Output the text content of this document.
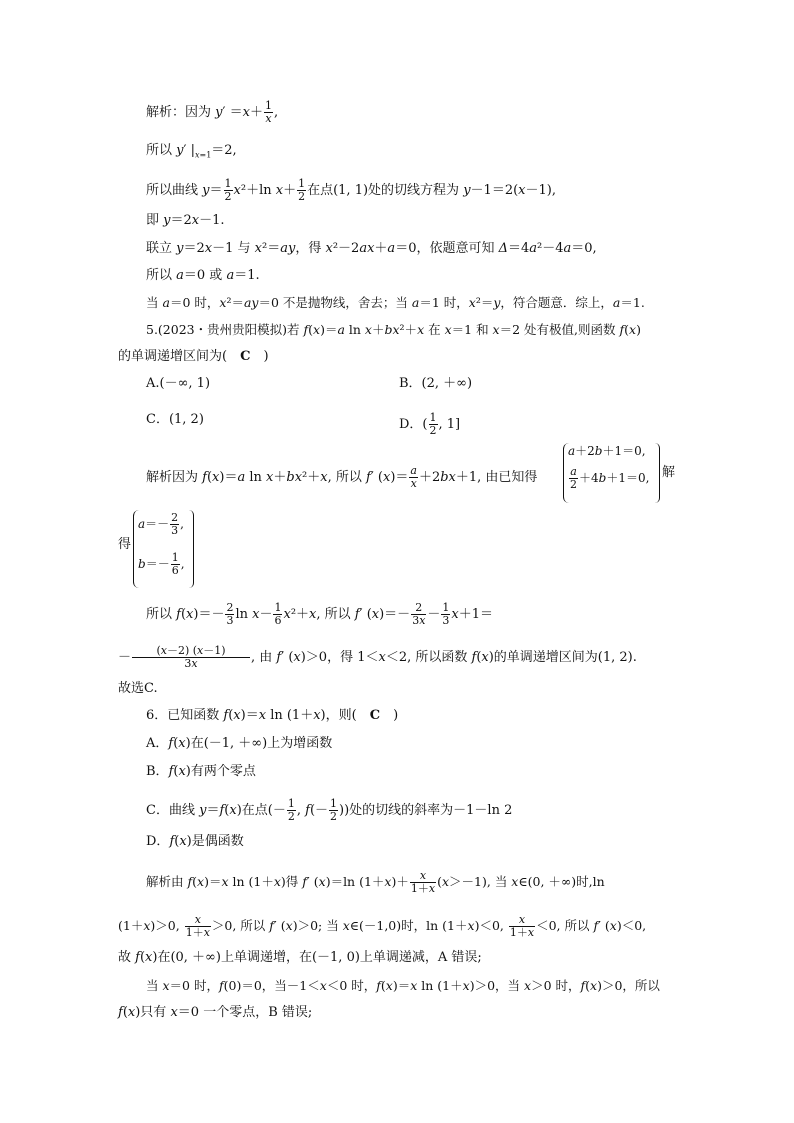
解析：因为 $y' =x+ \frac{1}{x}$ ,
所以 y′ $|_{x=1}=2$,
所以曲线 $y= \frac{1}{2} x^2+\ln$ $x+ \frac{1}{2}$ 在点(1, 1)处的切线方程为 y－1＝2(x－1),
即 y＝2x－1.
联立 y＝2x－1 与 x²＝ay，得 x²－2ax＋a＝0，依题意可知 Δ＝4a²－4a＝0,
所以 a＝0 或 a＝1.
当 a＝0 时，x²＝ay＝0 不是抛物线，舍去；当 a＝1 时，x²＝y，符合题意．综上，a＝1.
5.(2023・贵州贵阳模拟)若 f(x)＝a ln x＋bx²＋x 在 x＝1 和 x＝2 处有极值,则函数 f(x)
的单调递增区间为(　C　)
A.(－∞, 1)	B．(2, ＋∞)
C．(1, 2)	D．( $\frac{1}{2}$ , 1]
解析因为 f(x)＝a ln x＋bx²＋x, 所以 f′ $(x)= \frac{a}{x} +2bx+1$, 由已知得
a＋2b＋1＝0,
$\frac{a}{2} +4b+1=0$, 解
得
$a=- \frac{2}{3}$ ,
$b=- \frac{1}{6}$ ,
所以 $f(x)=- \frac{2}{3}$ $\ln x- \frac{1}{6} x^2+x$, 所以 f′ $(x)=- \frac{2}{3x} - \frac{1}{3} x+1=$
－ $\frac{(x-2) (x-1)}{3x}$ , 由 f′ (x)＞0，得 1＜x＜2, 所以函数 f(x)的单调递增区间为(1, 2).
故选C.
6．已知函数 f(x)＝x ln (1＋x)，则(　C　)
A．f(x)在(－1, ＋∞)上为增函数
B．f(x)有两个零点
C．曲线 y＝f(x)在点(－ $\frac{1}{2}$ , $f(- \frac{1}{2}$ ))处的切线的斜率为－1－ln 2
D．f(x)是偶函数
解析由 f(x)＝x ln (1＋x)得 f′ (x)＝ln $(1+x)+ \frac{x}{1+x} (x>-1)$, 当 x∈(0, ＋∞)时,ln
(1＋x)＞0, $\frac{x}{1+x} >0$, 所以 f′ (x)＞0; 当 x∈(－1,0)时，ln (1＋x)＜0, $\frac{x}{1+x} <0$, 所以 f′ (x)＜0,
故 f(x)在(0, ＋∞)上单调递增，在(－1, 0)上单调递减，A 错误;
当 x＝0 时，f(0)＝0，当－1＜x＜0 时，f(x)＝x ln (1＋x)＞0，当 x＞0 时，f(x)＞0，所以
f(x)只有 x＝0 一个零点，B 错误;
